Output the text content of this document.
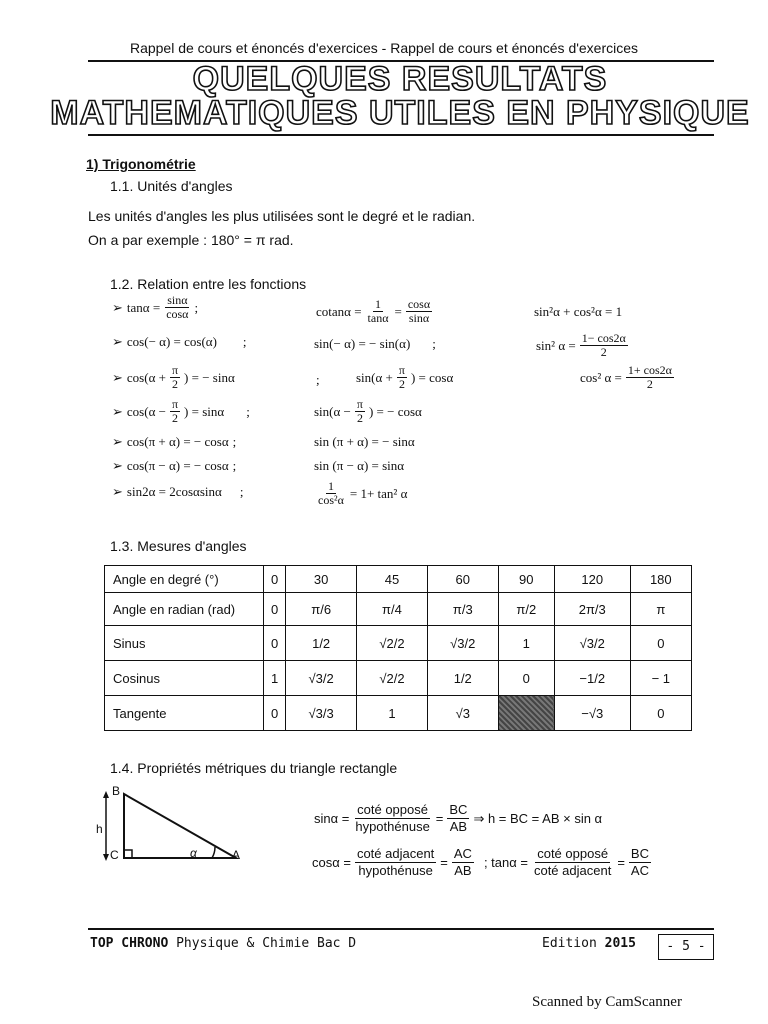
Rappel de cours et énoncés d'exercices - Rappel de cours et énoncés d'exercices
QUELQUES RESULTATS
MATHEMATIQUES UTILES EN PHYSIQUE
1) Trigonométrie
1.1. Unités d'angles
Les unités d'angles les plus utilisées sont le degré et le radian.
On a par exemple : 180° = π rad.
1.2. Relation entre les fonctions
➢ $\tan\alpha = \frac{\sin\alpha}{\cos\alpha}$ ;	$cotan\alpha = \frac{1}{\tan\alpha} = \frac{\cos\alpha}{\sin\alpha}$	sin²α + cos²α = 1
➢ cos(− α) = cos(α) ;	sin(− α) = − sin(α) ;	sin² $\alpha = \frac{1- \cos 2\alpha}{2}$
➢ $\cos(\alpha + \frac{\pi}{2}$ ) = − sinα	;	$\sin(\alpha + \frac{\pi}{2}$ ) = cosα	cos² $\alpha = \frac{1+ \cos 2\alpha}{2}$
➢ $\cos(\alpha - \frac{\pi}{2}$ ) = sinα ;	$\sin(\alpha - \frac{\pi}{2}$ ) = − cosα
➢ cos(π + α) = − cosα ;	sin (π + α) = − sinα
➢ cos(π − α) = − cosα ;	sin (π − α) = sinα
➢ sin2α = 2cosαsinα ;	$\frac{1}{\text{cos²α}} = 1+ \tan^2$ α
1.3. Mesures d'angles
Angle en degré (°)	0	30	45	60	90	120	180
Angle en radian (rad)	0	π/6	π/4	π/3	π/2	2π/3	π
Sinus	0	1/2	√2/2	√3/2	1	√3/2	0
Cosinus	1	√3/2	√2/2	1/2	0	−1/2	− 1
Tangente	0	√3/3	1	√3		−√3	0
1.4. Propriétés métriques du triangle rectangle
B
h
C	α	A
$\sin\alpha = \frac{\text{coté opposé}}{\text{hypothénuse}} = \frac{BC}{AB}$ ⇒ h = BC = AB × sin α
$\cos\alpha = \frac{\text{coté adjacent}}{\text{hypothénuse}} = \frac{AC}{AB}$ ; $\tan\alpha = \frac{\text{coté opposé}}{\text{coté adjacent}} = \frac{BC}{AC}$
TOP CHRONO Physique & Chimie Bac D	Edition 2015	- 5 -
Scanned by CamScanner
